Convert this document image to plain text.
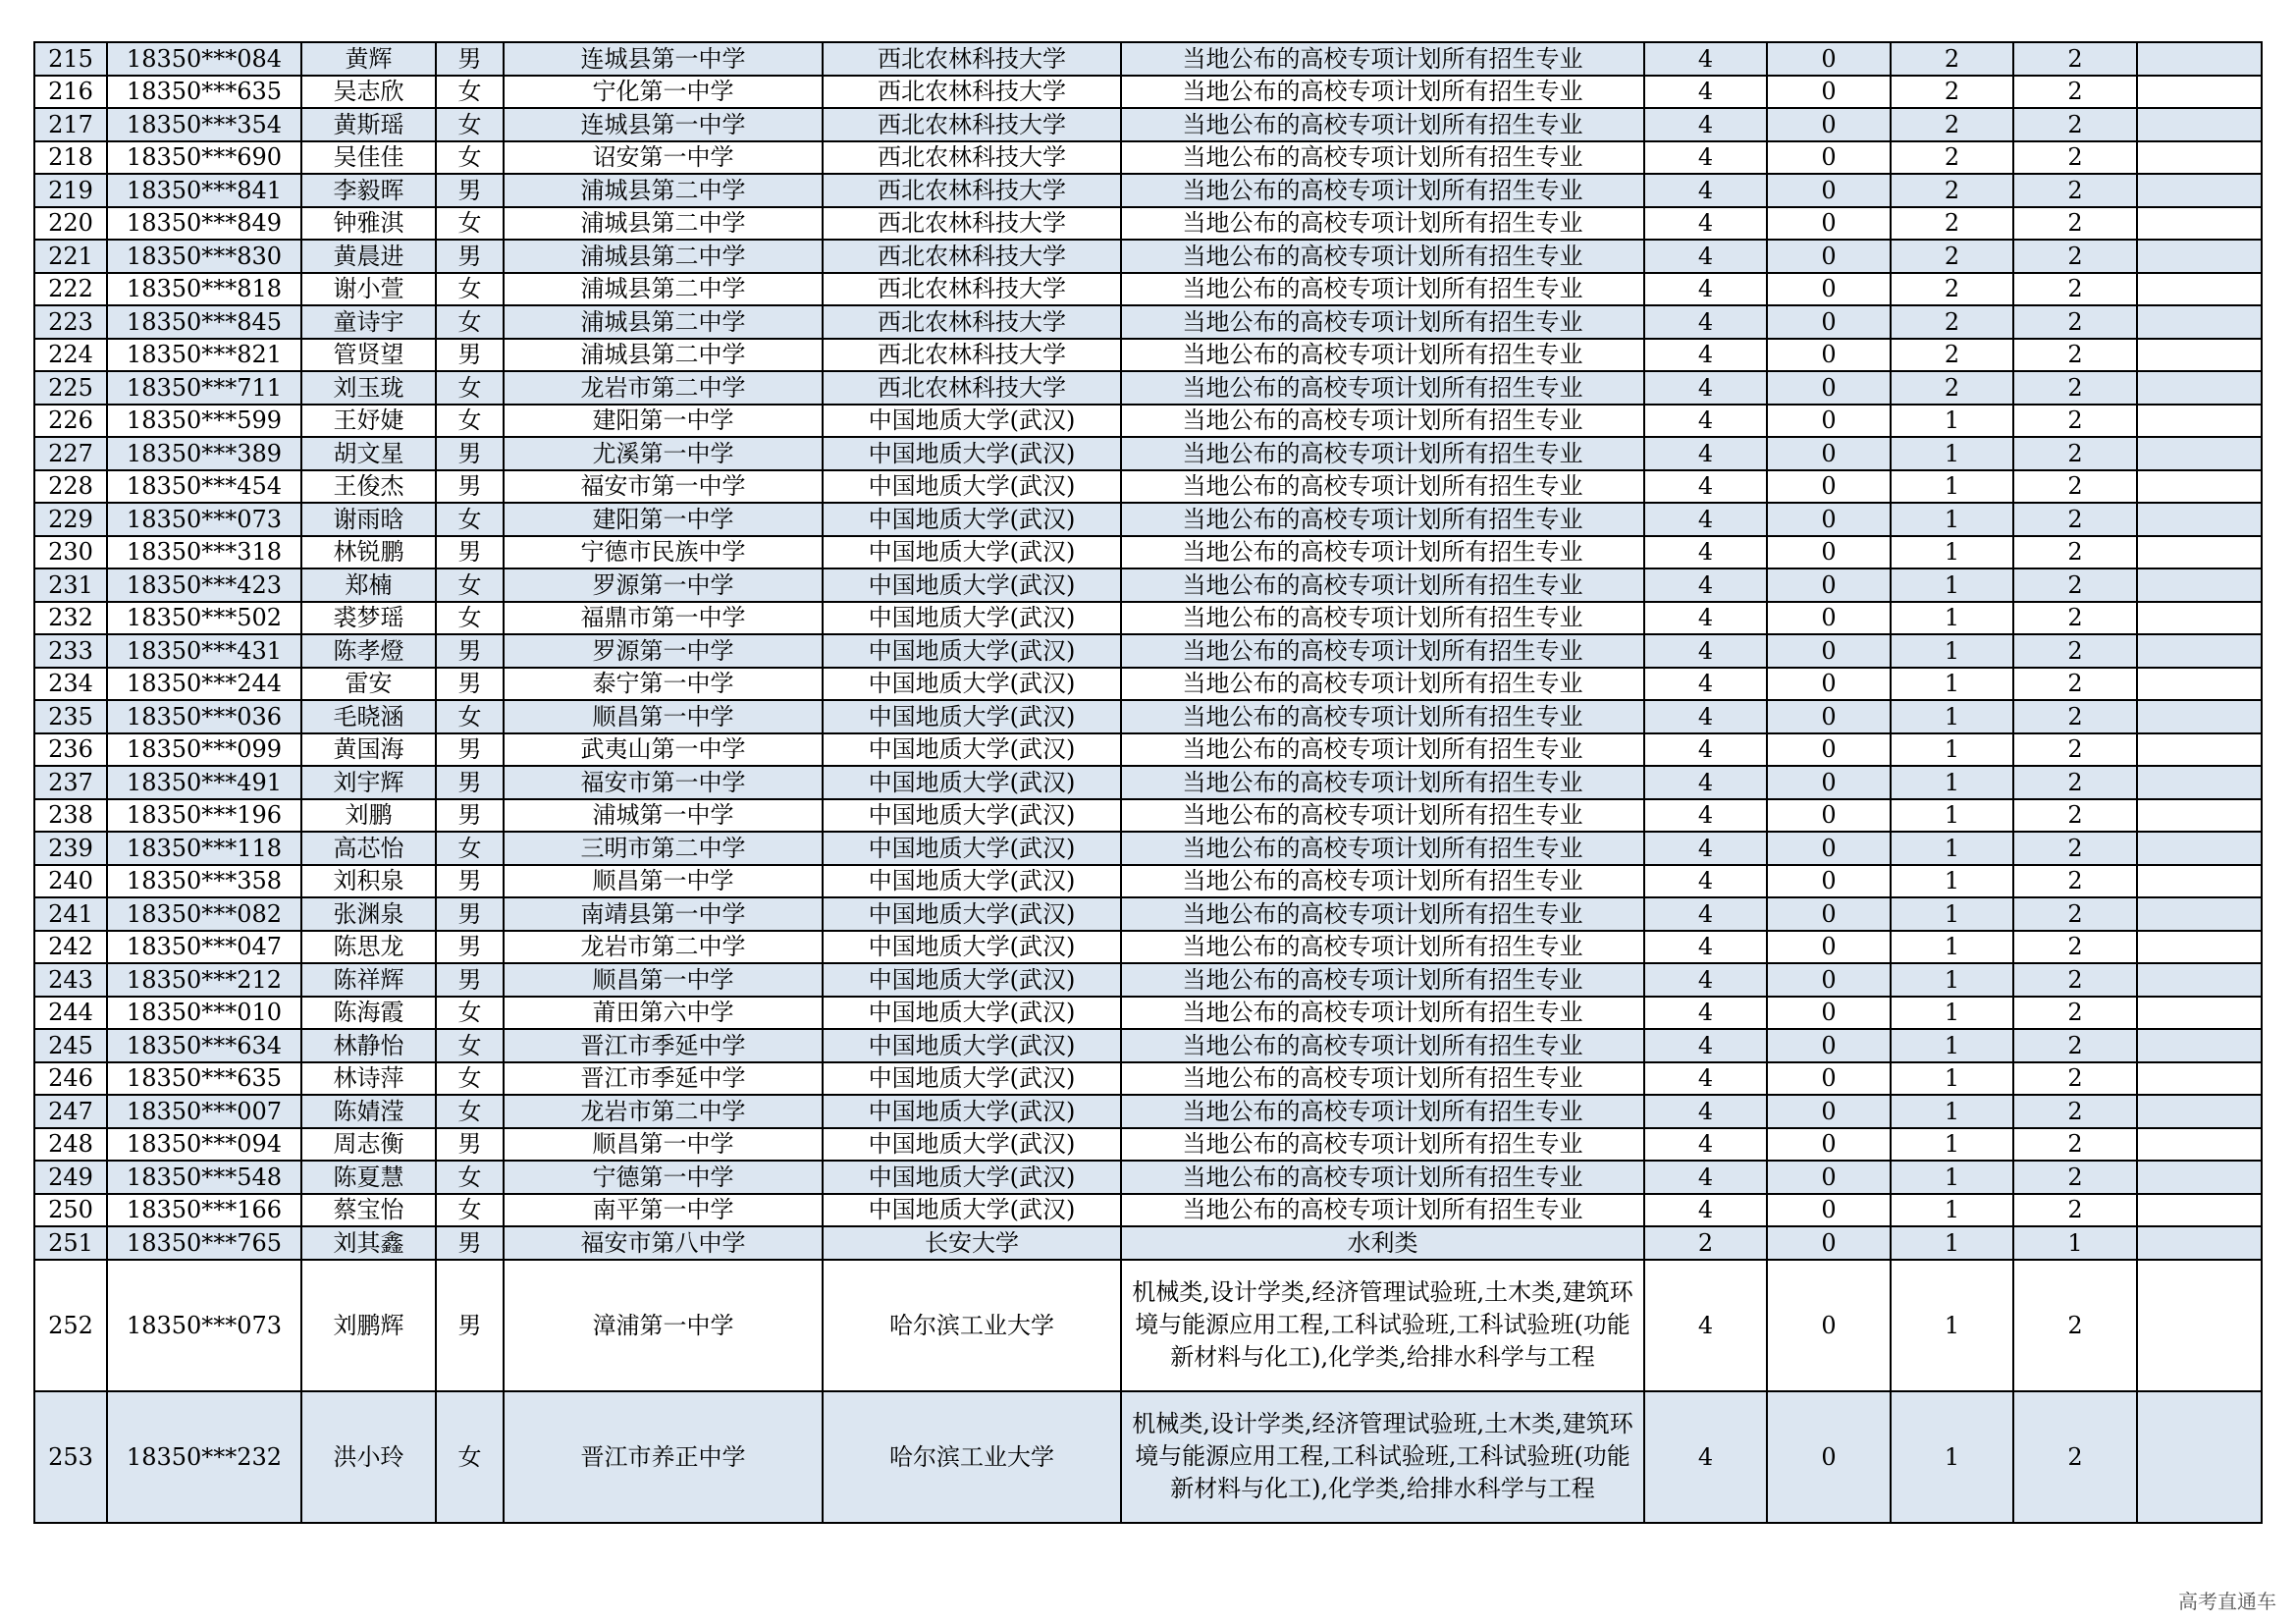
215	18350***084	黄辉	男	连城县第一中学	西北农林科技大学	当地公布的高校专项计划所有招生专业	4	0	2	2	
216	18350***635	吴志欣	女	宁化第一中学	西北农林科技大学	当地公布的高校专项计划所有招生专业	4	0	2	2	
217	18350***354	黄斯瑶	女	连城县第一中学	西北农林科技大学	当地公布的高校专项计划所有招生专业	4	0	2	2	
218	18350***690	吴佳佳	女	诏安第一中学	西北农林科技大学	当地公布的高校专项计划所有招生专业	4	0	2	2	
219	18350***841	李毅晖	男	浦城县第二中学	西北农林科技大学	当地公布的高校专项计划所有招生专业	4	0	2	2	
220	18350***849	钟雅淇	女	浦城县第二中学	西北农林科技大学	当地公布的高校专项计划所有招生专业	4	0	2	2	
221	18350***830	黄晨进	男	浦城县第二中学	西北农林科技大学	当地公布的高校专项计划所有招生专业	4	0	2	2	
222	18350***818	谢小萱	女	浦城县第二中学	西北农林科技大学	当地公布的高校专项计划所有招生专业	4	0	2	2	
223	18350***845	童诗宇	女	浦城县第二中学	西北农林科技大学	当地公布的高校专项计划所有招生专业	4	0	2	2	
224	18350***821	管贤望	男	浦城县第二中学	西北农林科技大学	当地公布的高校专项计划所有招生专业	4	0	2	2	
225	18350***711	刘玉珑	女	龙岩市第二中学	西北农林科技大学	当地公布的高校专项计划所有招生专业	4	0	2	2	
226	18350***599	王妤婕	女	建阳第一中学	中国地质大学(武汉)	当地公布的高校专项计划所有招生专业	4	0	1	2	
227	18350***389	胡文星	男	尤溪第一中学	中国地质大学(武汉)	当地公布的高校专项计划所有招生专业	4	0	1	2	
228	18350***454	王俊杰	男	福安市第一中学	中国地质大学(武汉)	当地公布的高校专项计划所有招生专业	4	0	1	2	
229	18350***073	谢雨晗	女	建阳第一中学	中国地质大学(武汉)	当地公布的高校专项计划所有招生专业	4	0	1	2	
230	18350***318	林锐鹏	男	宁德市民族中学	中国地质大学(武汉)	当地公布的高校专项计划所有招生专业	4	0	1	2	
231	18350***423	郑楠	女	罗源第一中学	中国地质大学(武汉)	当地公布的高校专项计划所有招生专业	4	0	1	2	
232	18350***502	裘梦瑶	女	福鼎市第一中学	中国地质大学(武汉)	当地公布的高校专项计划所有招生专业	4	0	1	2	
233	18350***431	陈孝燈	男	罗源第一中学	中国地质大学(武汉)	当地公布的高校专项计划所有招生专业	4	0	1	2	
234	18350***244	雷安	男	泰宁第一中学	中国地质大学(武汉)	当地公布的高校专项计划所有招生专业	4	0	1	2	
235	18350***036	毛晓涵	女	顺昌第一中学	中国地质大学(武汉)	当地公布的高校专项计划所有招生专业	4	0	1	2	
236	18350***099	黄国海	男	武夷山第一中学	中国地质大学(武汉)	当地公布的高校专项计划所有招生专业	4	0	1	2	
237	18350***491	刘宇辉	男	福安市第一中学	中国地质大学(武汉)	当地公布的高校专项计划所有招生专业	4	0	1	2	
238	18350***196	刘鹏	男	浦城第一中学	中国地质大学(武汉)	当地公布的高校专项计划所有招生专业	4	0	1	2	
239	18350***118	高芯怡	女	三明市第二中学	中国地质大学(武汉)	当地公布的高校专项计划所有招生专业	4	0	1	2	
240	18350***358	刘积泉	男	顺昌第一中学	中国地质大学(武汉)	当地公布的高校专项计划所有招生专业	4	0	1	2	
241	18350***082	张渊泉	男	南靖县第一中学	中国地质大学(武汉)	当地公布的高校专项计划所有招生专业	4	0	1	2	
242	18350***047	陈思龙	男	龙岩市第二中学	中国地质大学(武汉)	当地公布的高校专项计划所有招生专业	4	0	1	2	
243	18350***212	陈祥辉	男	顺昌第一中学	中国地质大学(武汉)	当地公布的高校专项计划所有招生专业	4	0	1	2	
244	18350***010	陈海霞	女	莆田第六中学	中国地质大学(武汉)	当地公布的高校专项计划所有招生专业	4	0	1	2	
245	18350***634	林静怡	女	晋江市季延中学	中国地质大学(武汉)	当地公布的高校专项计划所有招生专业	4	0	1	2	
246	18350***635	林诗萍	女	晋江市季延中学	中国地质大学(武汉)	当地公布的高校专项计划所有招生专业	4	0	1	2	
247	18350***007	陈婧滢	女	龙岩市第二中学	中国地质大学(武汉)	当地公布的高校专项计划所有招生专业	4	0	1	2	
248	18350***094	周志衡	男	顺昌第一中学	中国地质大学(武汉)	当地公布的高校专项计划所有招生专业	4	0	1	2	
249	18350***548	陈夏慧	女	宁德第一中学	中国地质大学(武汉)	当地公布的高校专项计划所有招生专业	4	0	1	2	
250	18350***166	蔡宝怡	女	南平第一中学	中国地质大学(武汉)	当地公布的高校专项计划所有招生专业	4	0	1	2	
251	18350***765	刘其鑫	男	福安市第八中学	长安大学	水利类	2	0	1	1	
252	18350***073	刘鹏辉	男	漳浦第一中学	哈尔滨工业大学	机械类,设计学类,经济管理试验班,土木类,建筑环境与能源应用工程,工科试验班,工科试验班(功能新材料与化工),化学类,给排水科学与工程	4	0	1	2	
253	18350***232	洪小玲	女	晋江市养正中学	哈尔滨工业大学	机械类,设计学类,经济管理试验班,土木类,建筑环境与能源应用工程,工科试验班,工科试验班(功能新材料与化工),化学类,给排水科学与工程	4	0	1	2	
高考直通车
